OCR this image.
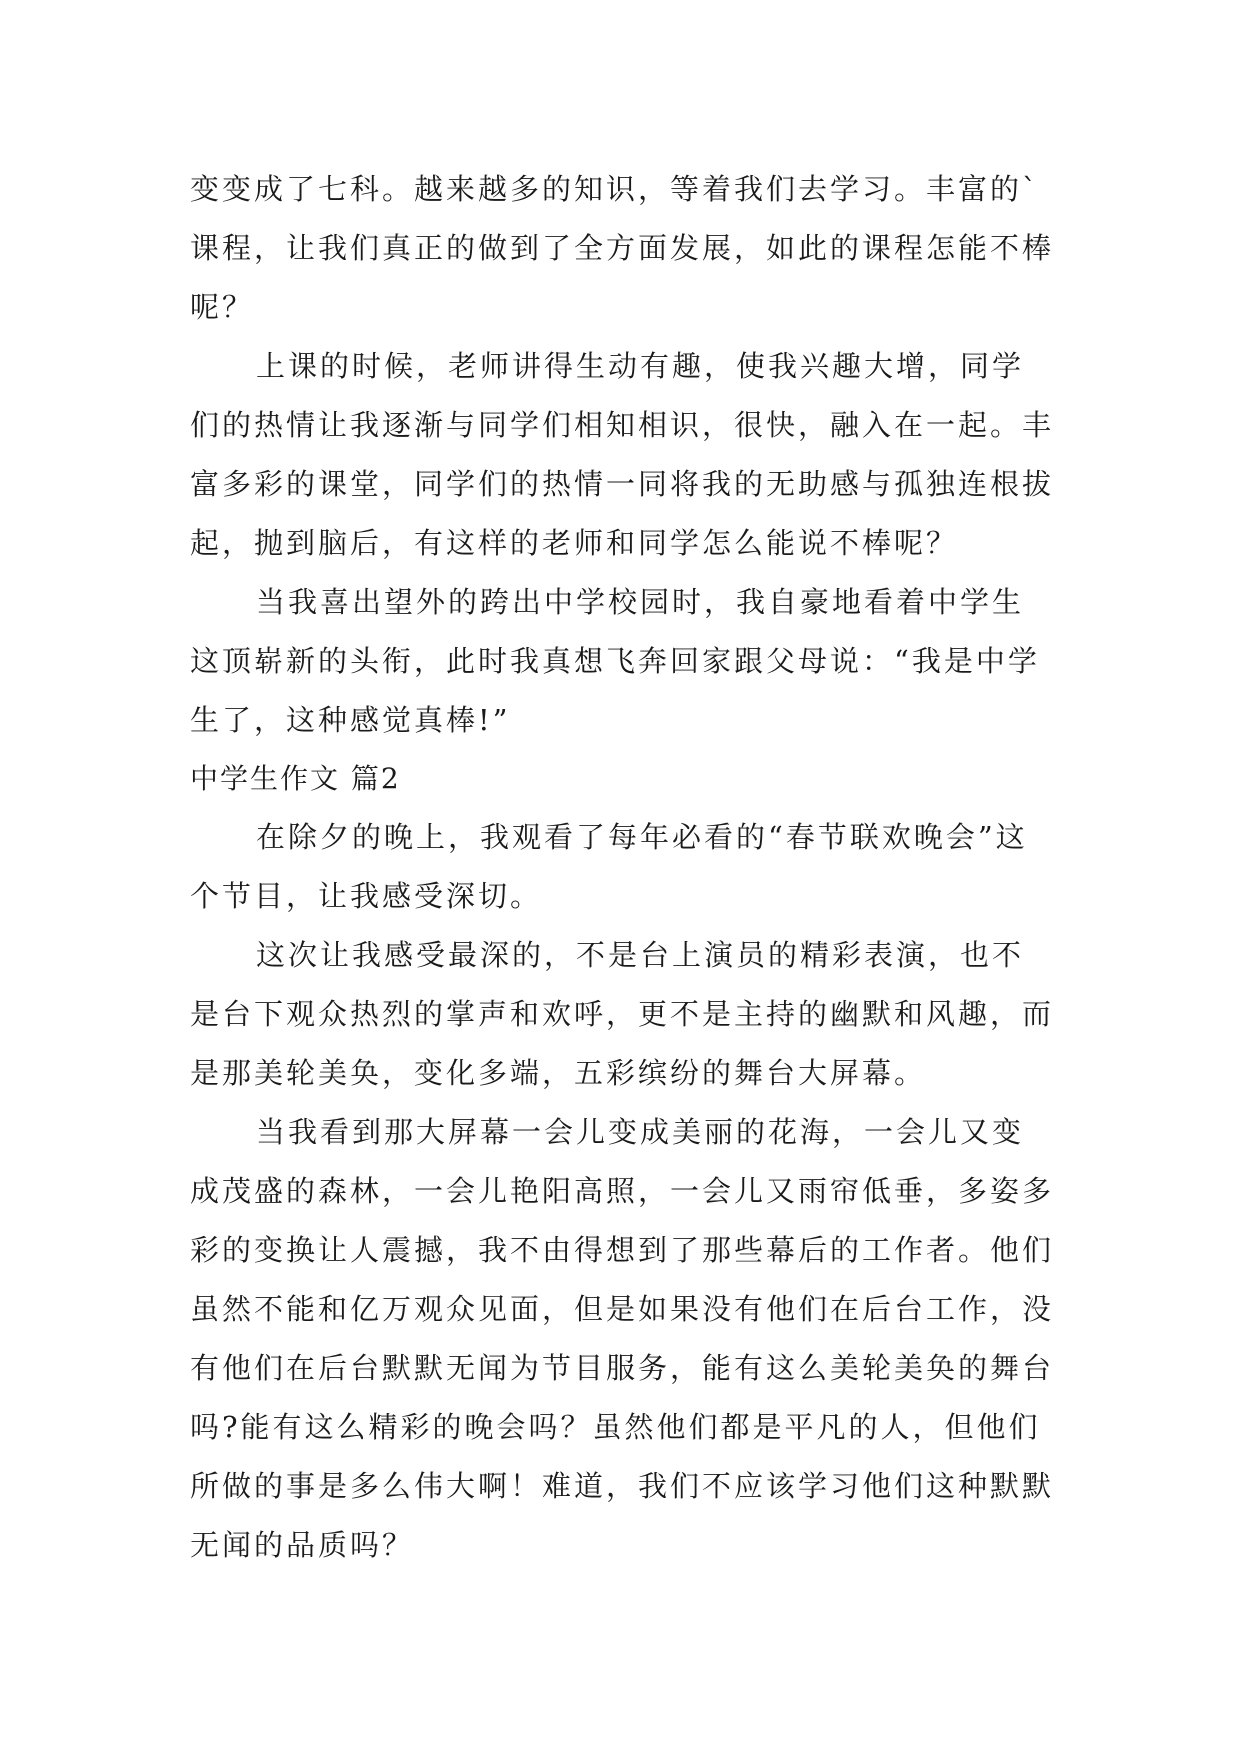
变变成了七科。越来越多的知识，等着我们去学习。丰富的`课程，让我们真正的做到了全方面发展，如此的课程怎能不棒呢？

上课的时候，老师讲得生动有趣，使我兴趣大增，同学们的热情让我逐渐与同学们相知相识，很快，融入在一起。丰富多彩的课堂，同学们的热情一同将我的无助感与孤独连根拔起，抛到脑后，有这样的老师和同学怎么能说不棒呢？

当我喜出望外的跨出中学校园时，我自豪地看着中学生这顶崭新的头衔，此时我真想飞奔回家跟父母说：“我是中学生了，这种感觉真棒!”

中学生作文 篇2

在除夕的晚上，我观看了每年必看的“春节联欢晚会”这个节目，让我感受深切。

这次让我感受最深的，不是台上演员的精彩表演，也不是台下观众热烈的掌声和欢呼，更不是主持的幽默和风趣，而是那美轮美奂，变化多端，五彩缤纷的舞台大屏幕。

当我看到那大屏幕一会儿变成美丽的花海，一会儿又变成茂盛的森林，一会儿艳阳高照，一会儿又雨帘低垂，多姿多彩的变换让人震撼，我不由得想到了那些幕后的工作者。他们虽然不能和亿万观众见面，但是如果没有他们在后台工作，没有他们在后台默默无闻为节目服务，能有这么美轮美奂的舞台吗?能有这么精彩的晚会吗？虽然他们都是平凡的人，但他们所做的事是多么伟大啊！难道，我们不应该学习他们这种默默无闻的品质吗？
